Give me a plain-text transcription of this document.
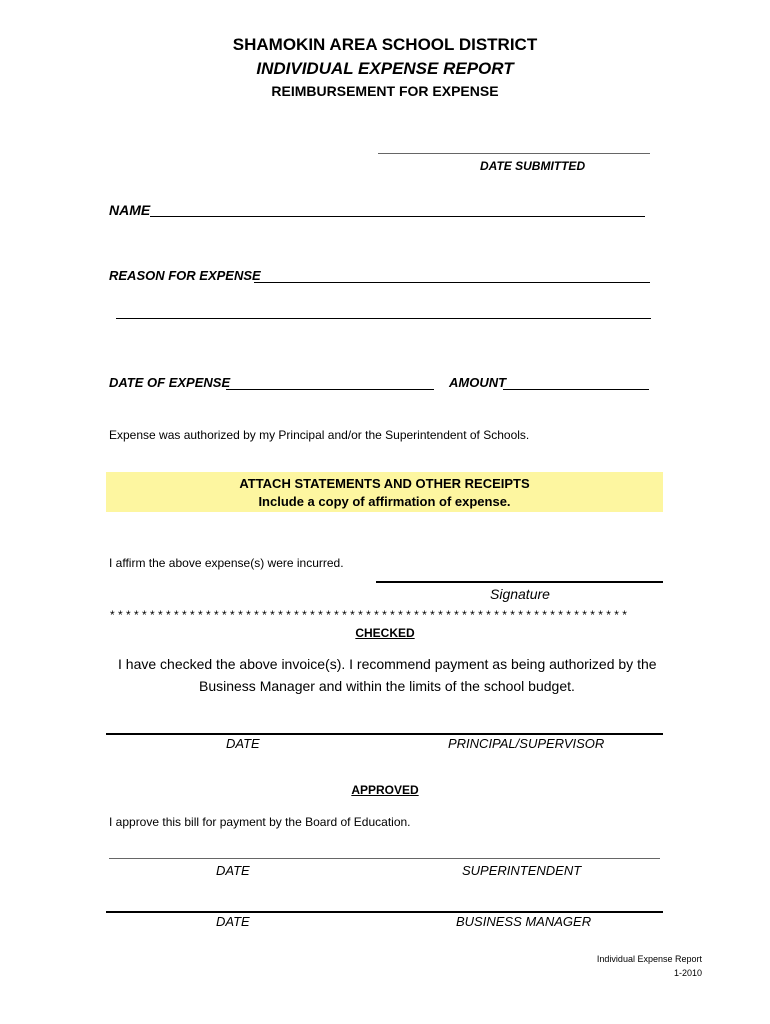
SHAMOKIN AREA SCHOOL DISTRICT
INDIVIDUAL EXPENSE REPORT
REIMBURSEMENT FOR EXPENSE
DATE SUBMITTED
NAME
REASON FOR EXPENSE
DATE OF EXPENSE	AMOUNT
Expense was authorized by my Principal and/or the Superintendent of Schools.
ATTACH STATEMENTS AND OTHER RECEIPTS
Include a copy of affirmation of expense.
I affirm the above expense(s) were incurred.
Signature
* * * * * * * * * * * * * * * * * * * * * * * * * * * * * * * * * * * * * * * * * * * * * * * * * * * * * * * * * * * * * * * * *
CHECKED
I have checked the above invoice(s). I recommend payment as being authorized by the
Business Manager and within the limits of the school budget.
DATE	PRINCIPAL/SUPERVISOR
APPROVED
I approve this bill for payment by the Board of Education.
DATE	SUPERINTENDENT
DATE	BUSINESS MANAGER
Individual Expense Report
1-2010
